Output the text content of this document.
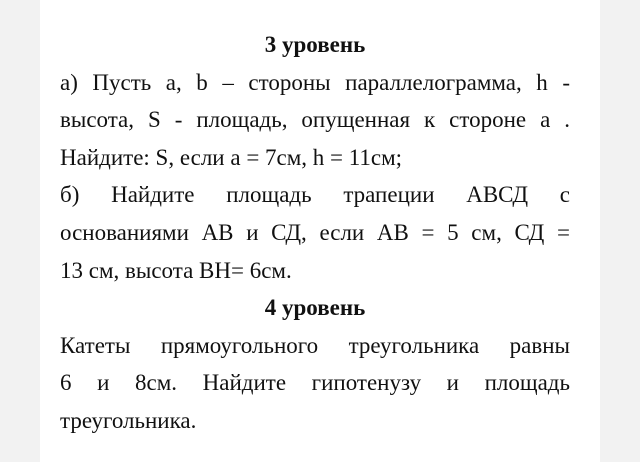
3 уровень

а) Пусть a, b – стороны параллелограмма, h -
высота, S - площадь, опущенная к стороне a .
Найдите: S, если a = 7см, h = 11см;
б) Найдите площадь трапеции АВСД с
основаниями АВ и СД, если АВ = 5 см, СД =
13 см, высота ВН= 6см.

4 уровень

Катеты прямоугольного треугольника равны
6 и 8см. Найдите гипотенузу и площадь
треугольника.
